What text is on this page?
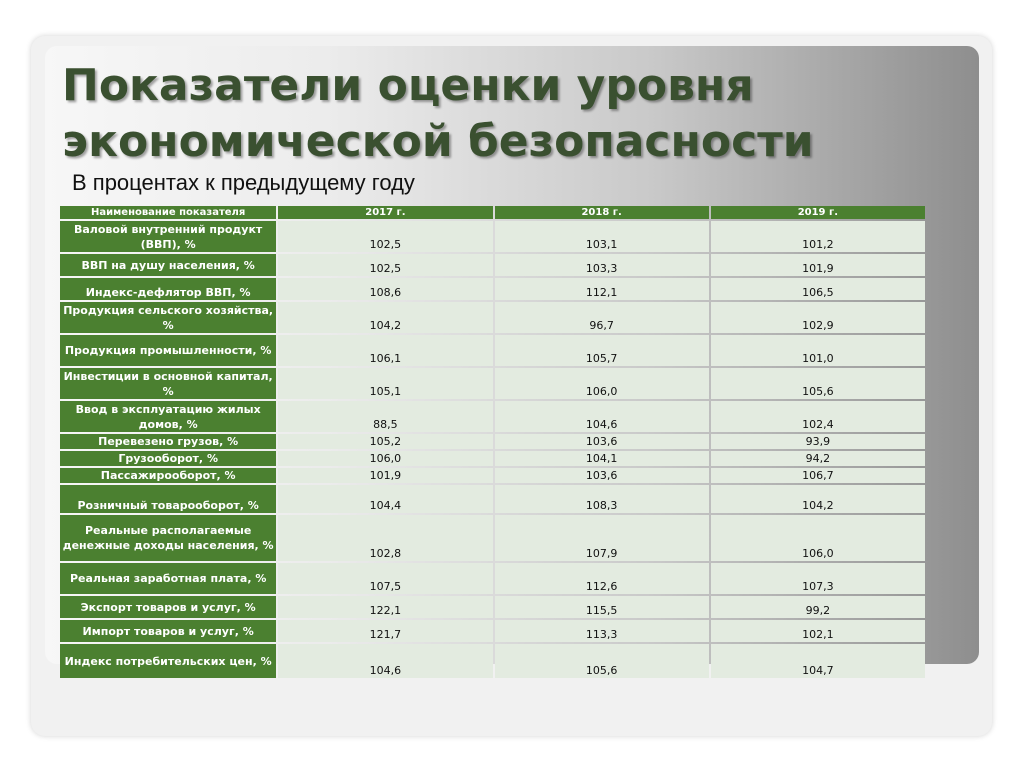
Показатели оценки уровня
экономической безопасности
В процентах к предыдущему году
Наименование показателя	2017 г.	2018 г.	2019 г.
Валовой внутренний продукт (ВВП), %	102,5	103,1	101,2
ВВП на душу населения, %	102,5	103,3	101,9
Индекс-дефлятор ВВП, %	108,6	112,1	106,5
Продукция сельского хозяйства, %	104,2	96,7	102,9
Продукция промышленности, %	106,1	105,7	101,0
Инвестиции в основной капитал, %	105,1	106,0	105,6
Ввод в эксплуатацию жилых домов, %	88,5	104,6	102,4
Перевезено грузов, %	105,2	103,6	93,9
Грузооборот, %	106,0	104,1	94,2
Пассажирооборот, %	101,9	103,6	106,7
Розничный товарооборот, %	104,4	108,3	104,2
Реальные располагаемые денежные доходы населения, %	102,8	107,9	106,0
Реальная заработная плата, %	107,5	112,6	107,3
Экспорт товаров и услуг, %	122,1	115,5	99,2
Импорт товаров и услуг, %	121,7	113,3	102,1
Индекс потребительских цен, %	104,6	105,6	104,7
